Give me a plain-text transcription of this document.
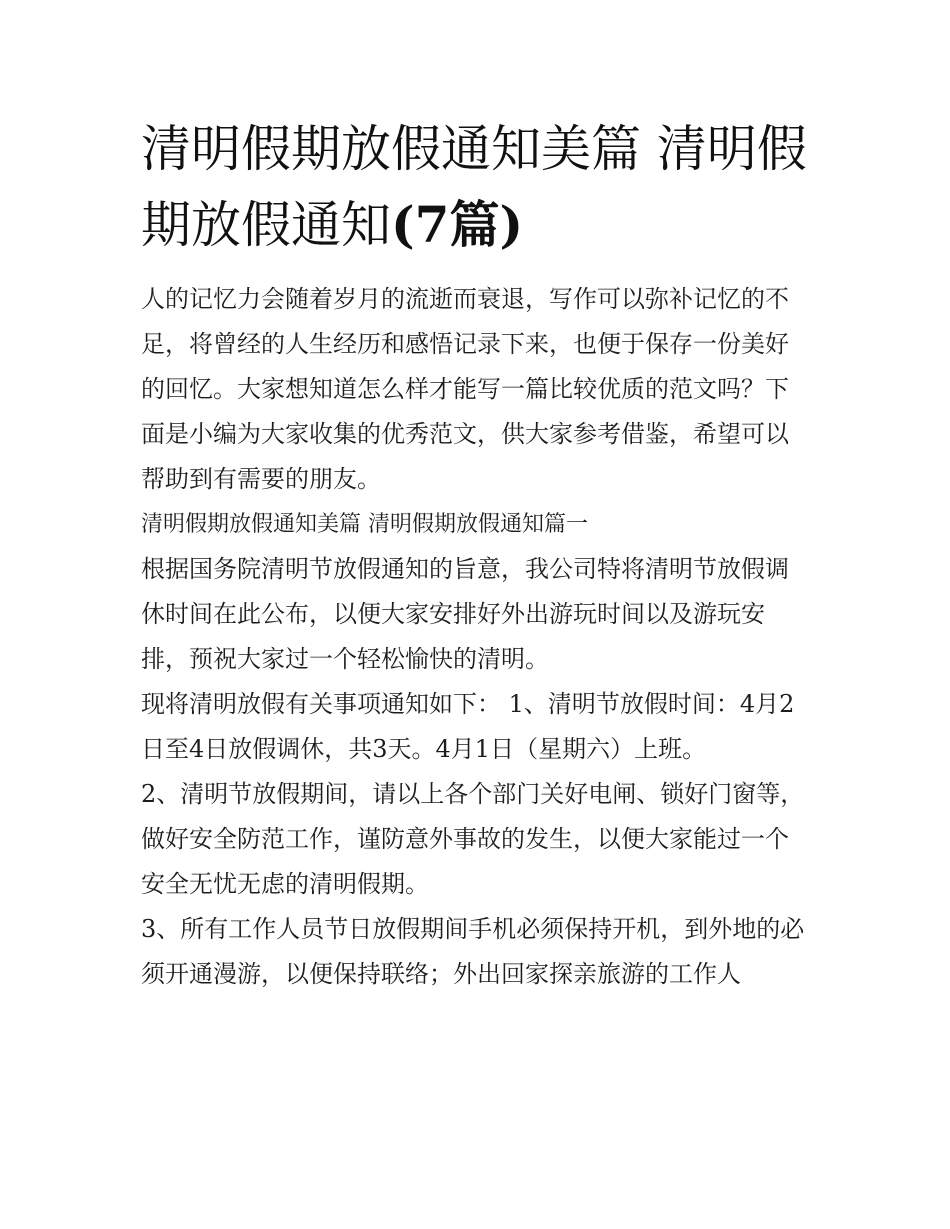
清明假期放假通知美篇 清明假期放假通知(7篇)

人的记忆力会随着岁月的流逝而衰退，写作可以弥补记忆的不足，将曾经的人生经历和感悟记录下来，也便于保存一份美好的回忆。大家想知道怎么样才能写一篇比较优质的范文吗？下面是小编为大家收集的优秀范文，供大家参考借鉴，希望可以帮助到有需要的朋友。

清明假期放假通知美篇 清明假期放假通知篇一

根据国务院清明节放假通知的旨意，我公司特将清明节放假调休时间在此公布，以便大家安排好外出游玩时间以及游玩安排，预祝大家过一个轻松愉快的清明。

现将清明放假有关事项通知如下： 1、清明节放假时间：4月2日至4日放假调休，共3天。4月1日（星期六）上班。

2、清明节放假期间，请以上各个部门关好电闸、锁好门窗等，做好安全防范工作，谨防意外事故的发生，以便大家能过一个安全无忧无虑的清明假期。

3、所有工作人员节日放假期间手机必须保持开机，到外地的必须开通漫游，以便保持联络；外出回家探亲旅游的工作人
